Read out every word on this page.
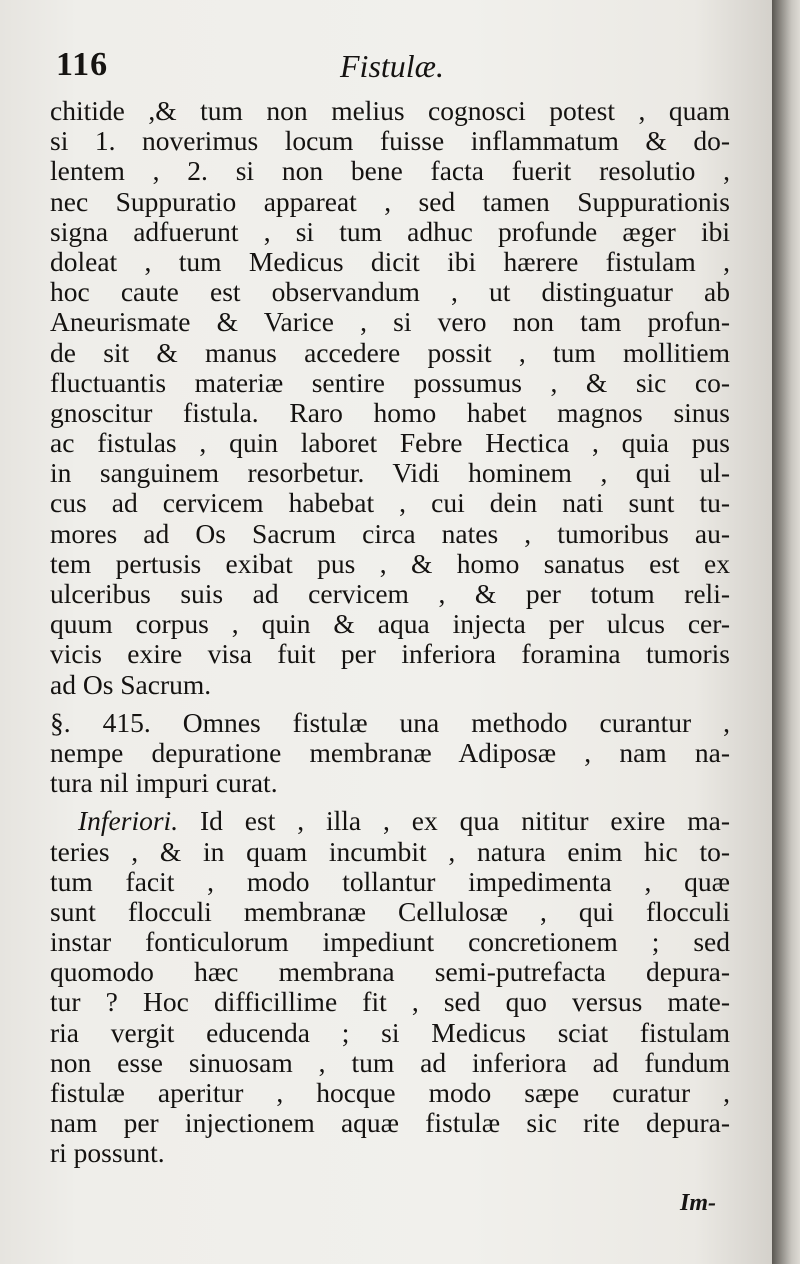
116	Fistulæ.
chitide ,& tum non melius cognosci potest , quam
si 1. noverimus locum fuisse inflammatum & do-
lentem , 2. si non bene facta fuerit resolutio ,
nec Suppuratio appareat , sed tamen Suppurationis
signa adfuerunt , si tum adhuc profunde æger ibi
doleat , tum Medicus dicit ibi hærere fistulam ,
hoc caute est observandum , ut distinguatur ab
Aneurismate & Varice , si vero non tam profun-
de sit & manus accedere possit , tum mollitiem
fluctuantis materiæ sentire possumus , & sic co-
gnoscitur fistula. Raro homo habet magnos sinus
ac fistulas , quin laboret Febre Hectica , quia pus
in sanguinem resorbetur. Vidi hominem , qui ul-
cus ad cervicem habebat , cui dein nati sunt tu-
mores ad Os Sacrum circa nates , tumoribus au-
tem pertusis exibat pus , & homo sanatus est ex
ulceribus suis ad cervicem , & per totum reli-
quum corpus , quin & aqua injecta per ulcus cer-
vicis exire visa fuit per inferiora foramina tumoris
ad Os Sacrum.
§. 415. Omnes fistulæ una methodo curantur ,
nempe depuratione membranæ Adiposæ , nam na-
tura nil impuri curat.
Inferiori. Id est , illa , ex qua nititur exire ma-
teries , & in quam incumbit , natura enim hic to-
tum facit , modo tollantur impedimenta , quæ
sunt flocculi membranæ Cellulosæ , qui flocculi
instar fonticulorum impediunt concretionem ; sed
quomodo hæc membrana semi-putrefacta depura-
tur ? Hoc difficillime fit , sed quo versus mate-
ria vergit educenda ; si Medicus sciat fistulam
non esse sinuosam , tum ad inferiora ad fundum
fistulæ aperitur , hocque modo sæpe curatur ,
nam per injectionem aquæ fistulæ sic rite depura-
ri possunt.
Im-
